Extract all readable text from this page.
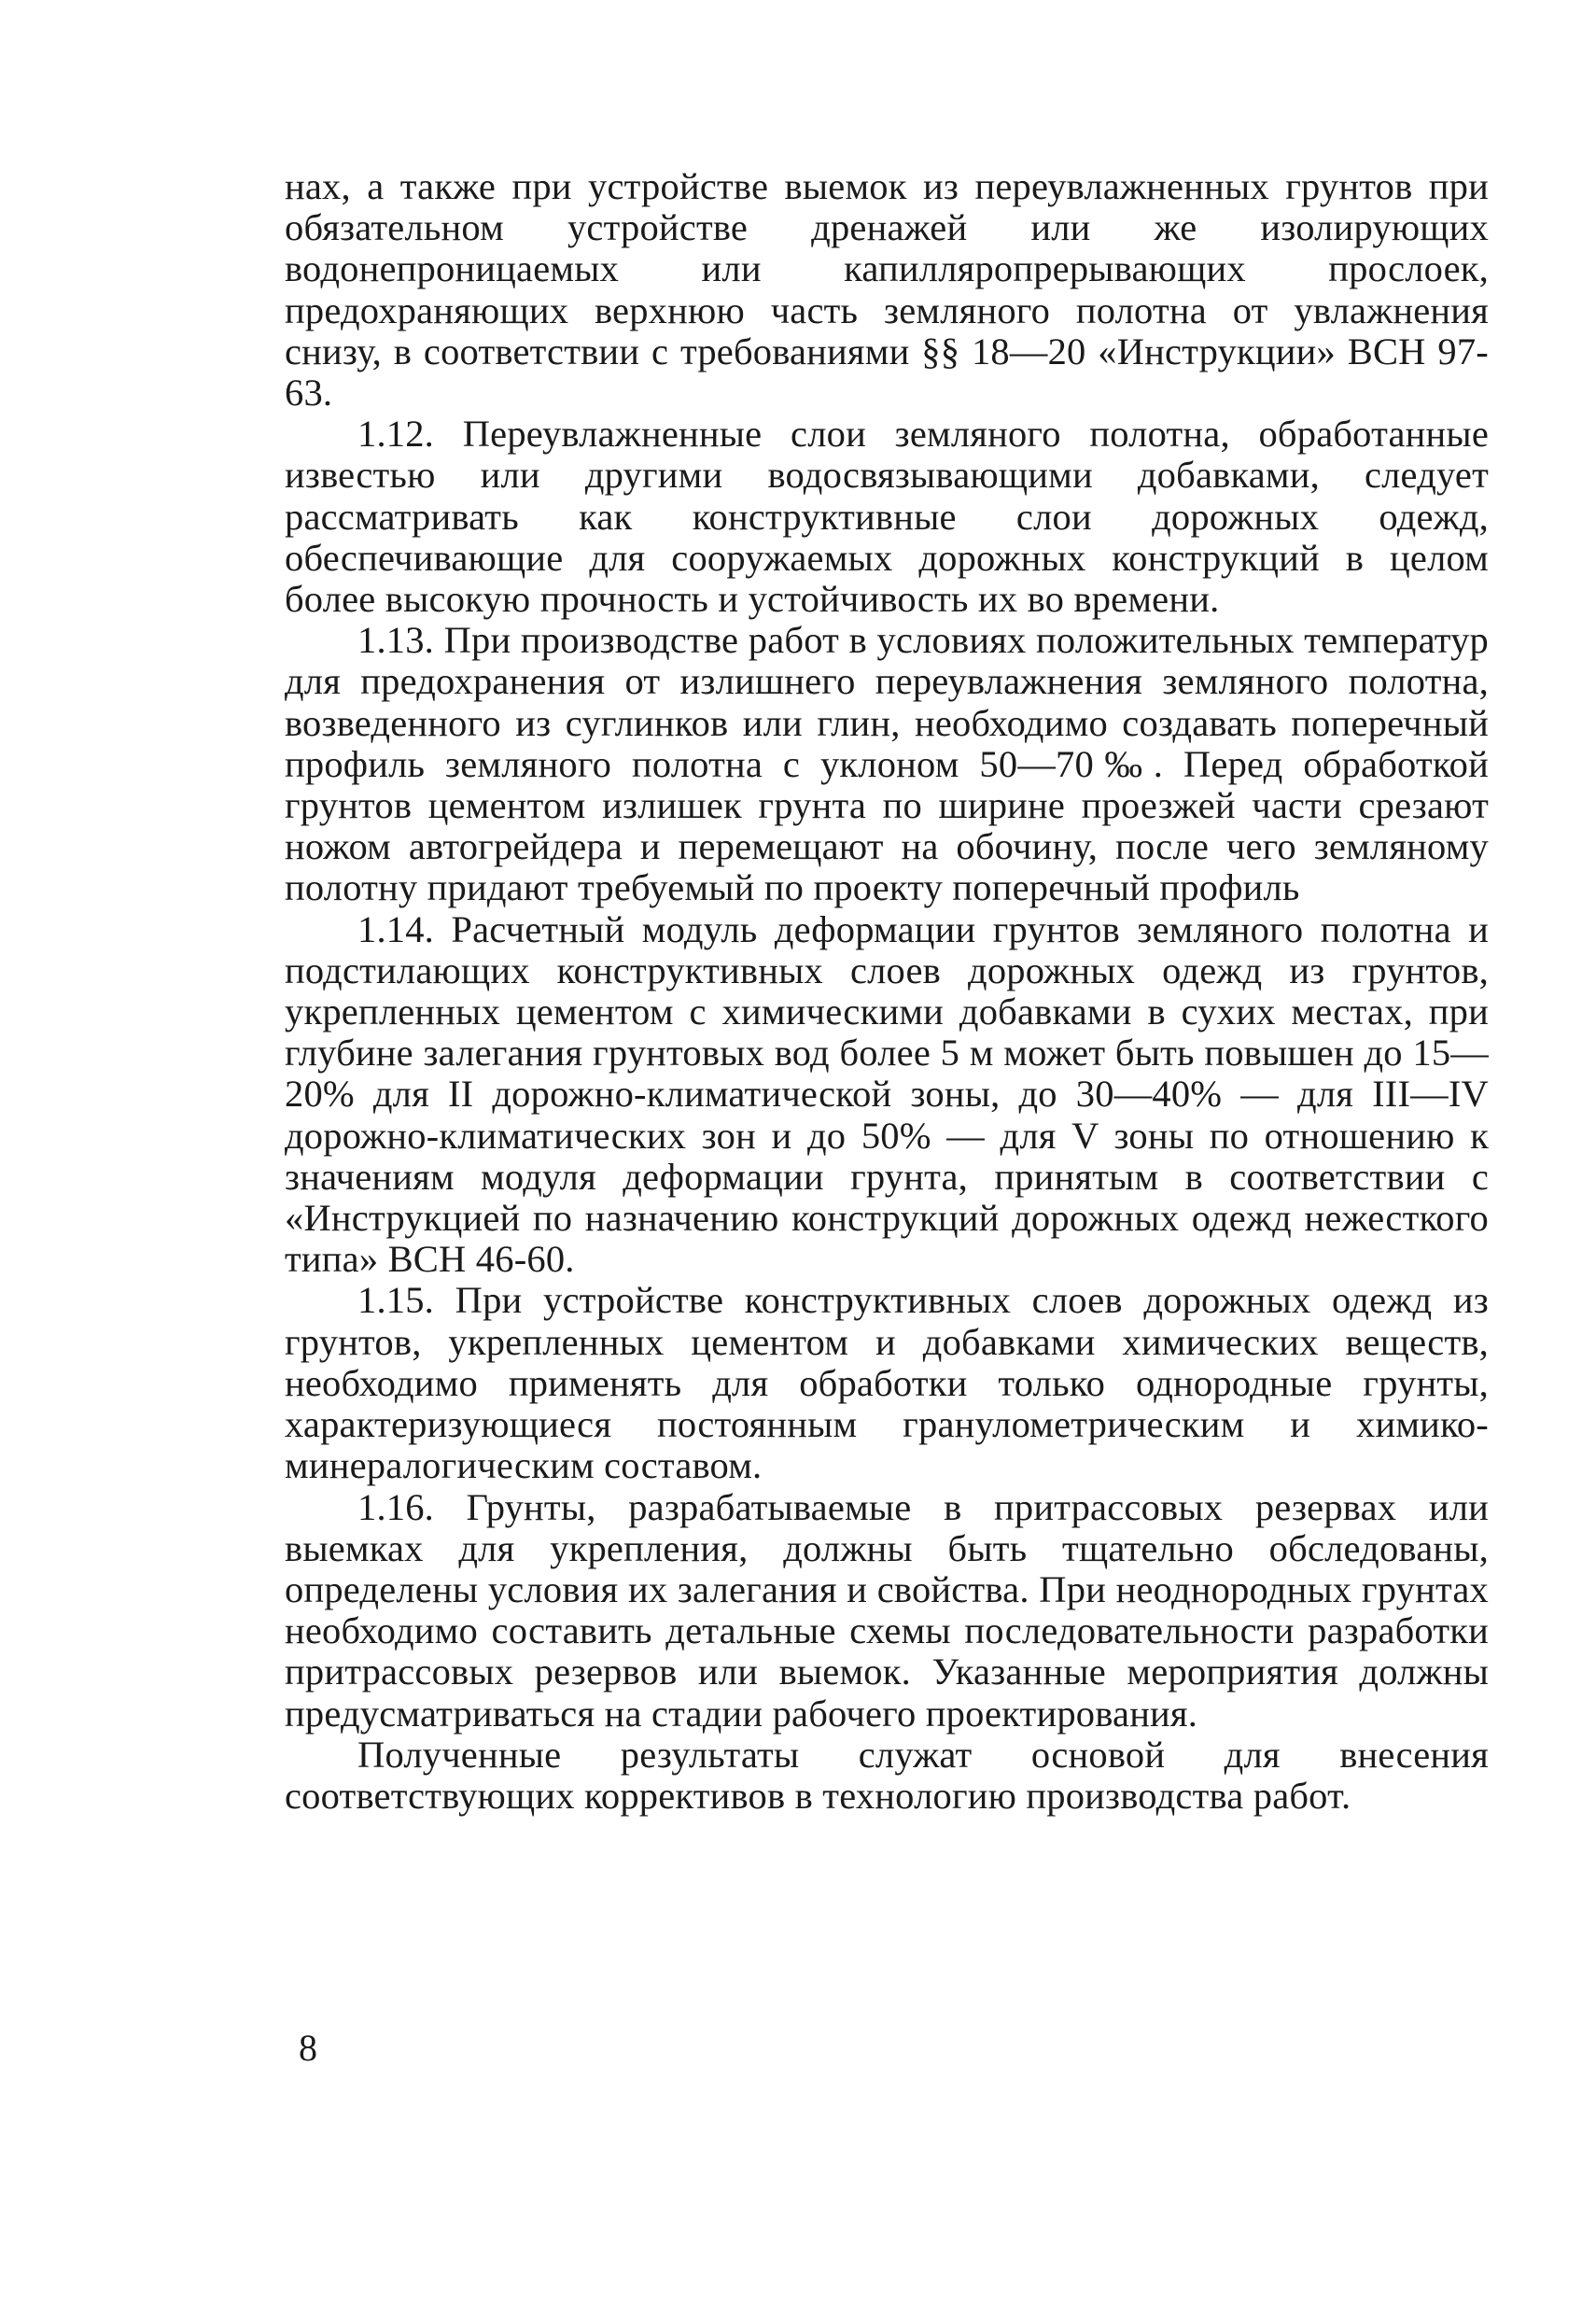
нах, а также при устройстве выемок из переувлажненных грунтов при обязательном устройстве дренажей или же изолирующих водонепроницаемых или капилляропрерывающих прослоек, предохраняющих верхнюю часть земляного полотна от увлажнения снизу, в соответствии с требованиями §§ 18—20 «Инструкции» ВСН 97-63.

1.12. Переувлажненные слои земляного полотна, обработанные известью или другими водосвязывающими добавками, следует рассматривать как конструктивные слои дорожных одежд, обеспечивающие для сооружаемых дорожных конструкций в целом более высокую прочность и устойчивость их во времени.

1.13. При производстве работ в условиях положительных температур для предохранения от излишнего переувлажнения земляного полотна, возведенного из суглинков или глин, необходимо создавать поперечный профиль земляного полотна с уклоном 50—70‰. Перед обработкой грунтов цементом излишек грунта по ширине проезжей части срезают ножом автогрейдера и перемещают на обочину, после чего земляному полотну придают требуемый по проекту поперечный профиль

1.14. Расчетный модуль деформации грунтов земляного полотна и подстилающих конструктивных слоев дорожных одежд из грунтов, укрепленных цементом с химическими добавками в сухих местах, при глубине залегания грунтовых вод более 5 м может быть повышен до 15—20% для II дорожно-климатической зоны, до 30—40% — для III—IV дорожно-климатических зон и до 50% — для V зоны по отношению к значениям модуля деформации грунта, принятым в соответствии с «Инструкцией по назначению конструкций дорожных одежд нежесткого типа» ВСН 46-60.

1.15. При устройстве конструктивных слоев дорожных одежд из грунтов, укрепленных цементом и добавками химических веществ, необходимо применять для обработки только однородные грунты, характеризующиеся постоянным гранулометрическим и химико-минералогическим составом.

1.16. Грунты, разрабатываемые в притрассовых резервах или выемках для укрепления, должны быть тщательно обследованы, определены условия их залегания и свойства. При неоднородных грунтах необходимо составить детальные схемы последовательности разработки притрассовых резервов или выемок. Указанные мероприятия должны предусматриваться на стадии рабочего проектирования.

Полученные результаты служат основой для внесения соответствующих коррективов в технологию производства работ.

8
